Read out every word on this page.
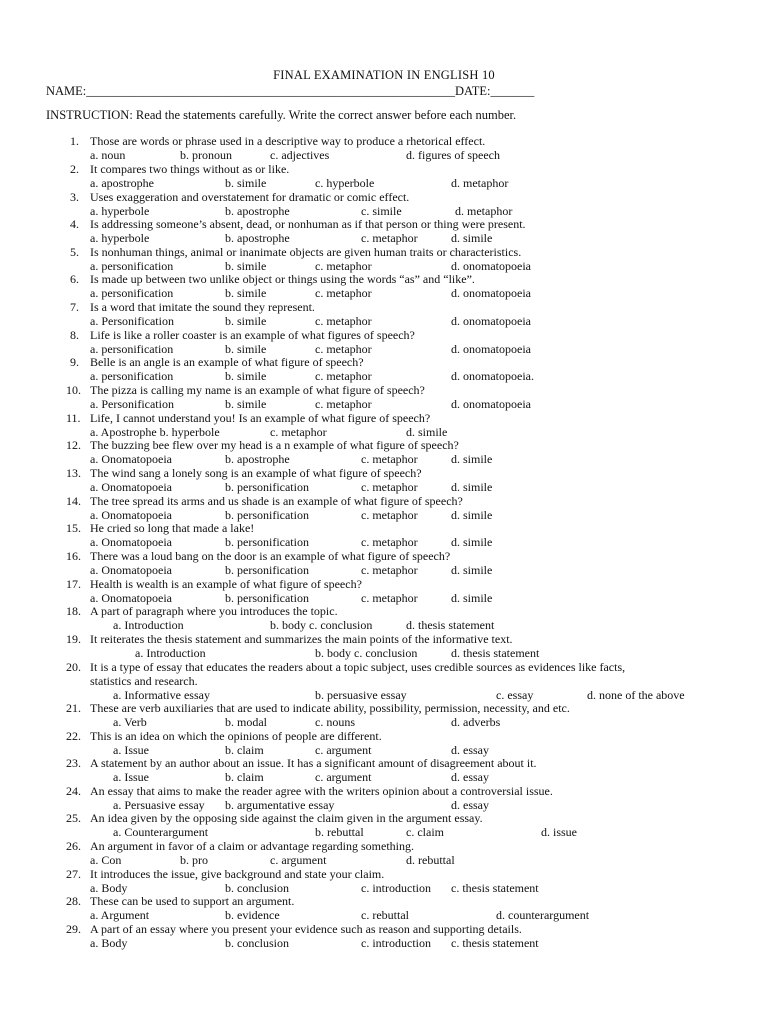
FINAL EXAMINATION IN ENGLISH 10
NAME:___________________________________________________________DATE:_______
INSTRUCTION: Read the statements carefully. Write the correct answer before each number.
1. Those are words or phrase used in a descriptive way to produce a rhetorical effect.
a. noun	b. pronoun	c. adjectives	d. figures of speech
2. It compares two things without as or like.
a. apostrophe	b. simile	c. hyperbole	d. metaphor
3. Uses exaggeration and overstatement for dramatic or comic effect.
a. hyperbole	b. apostrophe	c. simile	d. metaphor
4. Is addressing someone’s absent, dead, or nonhuman as if that person or thing were present.
a. hyperbole	b. apostrophe	c. metaphor	d. simile
5. Is nonhuman things, animal or inanimate objects are given human traits or characteristics.
a. personification	b. simile	c. metaphor	d. onomatopoeia
6. Is made up between two unlike object or things using the words “as” and “like”.
a. personification	b. simile	c. metaphor	d. onomatopoeia
7. Is a word that imitate the sound they represent.
a. Personification	b. simile	c. metaphor	d. onomatopoeia
8. Life is like a roller coaster is an example of what figures of speech?
a. personification	b. simile	c. metaphor	d. onomatopoeia
9. Belle is an angle is an example of what figure of speech?
a. personification	b. simile	c. metaphor	d. onomatopoeia.
10. The pizza is calling my name is an example of what figure of speech?
a. Personification	b. simile	c. metaphor	d. onomatopoeia
11. Life, I cannot understand you! Is an example of what figure of speech?
a. Apostrophe b. hyperbole	c. metaphor	d. simile
12. The buzzing bee flew over my head is a n example of what figure of speech?
a. Onomatopoeia	b. apostrophe	c. metaphor	d. simile
13. The wind sang a lonely song is an example of what figure of speech?
a. Onomatopoeia	b. personification	c. metaphor	d. simile
14. The tree spread its arms and us shade is an example of what figure of speech?
a. Onomatopoeia	b. personification	c. metaphor	d. simile
15. He cried so long that made a lake!
a. Onomatopoeia	b. personification	c. metaphor	d. simile
16. There was a loud bang on the door is an example of what figure of speech?
a. Onomatopoeia	b. personification	c. metaphor	d. simile
17. Health is wealth is an example of what figure of speech?
a. Onomatopoeia	b. personification	c. metaphor	d. simile
18. A part of paragraph where you introduces the topic.
a. Introduction	b. body c. conclusion	d. thesis statement
19. It reiterates the thesis statement and summarizes the main points of the informative text.
a. Introduction	b. body c. conclusion	d. thesis statement
20. It is a type of essay that educates the readers about a topic subject, uses credible sources as evidences like facts,
statistics and research.
a. Informative essay	b. persuasive essay	c. essay	d. none of the above
21. These are verb auxiliaries that are used to indicate ability, possibility, permission, necessity, and etc.
a. Verb	b. modal	c. nouns	d. adverbs
22. This is an idea on which the opinions of people are different.
a. Issue	b. claim	c. argument	d. essay
23. A statement by an author about an issue. It has a significant amount of disagreement about it.
a. Issue	b. claim	c. argument	d. essay
24. An essay that aims to make the reader agree with the writers opinion about a controversial issue.
a. Persuasive essay b. argumentative essay	d. essay
25. An idea given by the opposing side against the claim given in the argument essay.
a. Counterargument	b. rebuttal	c. claim	d. issue
26. An argument in favor of a claim or advantage regarding something.
a. Con	b. pro	c. argument	d. rebuttal
27. It introduces the issue, give background and state your claim.
a. Body	b. conclusion	c. introduction c. thesis statement
28. These can be used to support an argument.
a. Argument	b. evidence	c. rebuttal	d. counterargument
29. A part of an essay where you present your evidence such as reason and supporting details.
a. Body	b. conclusion	c. introduction c. thesis statement
